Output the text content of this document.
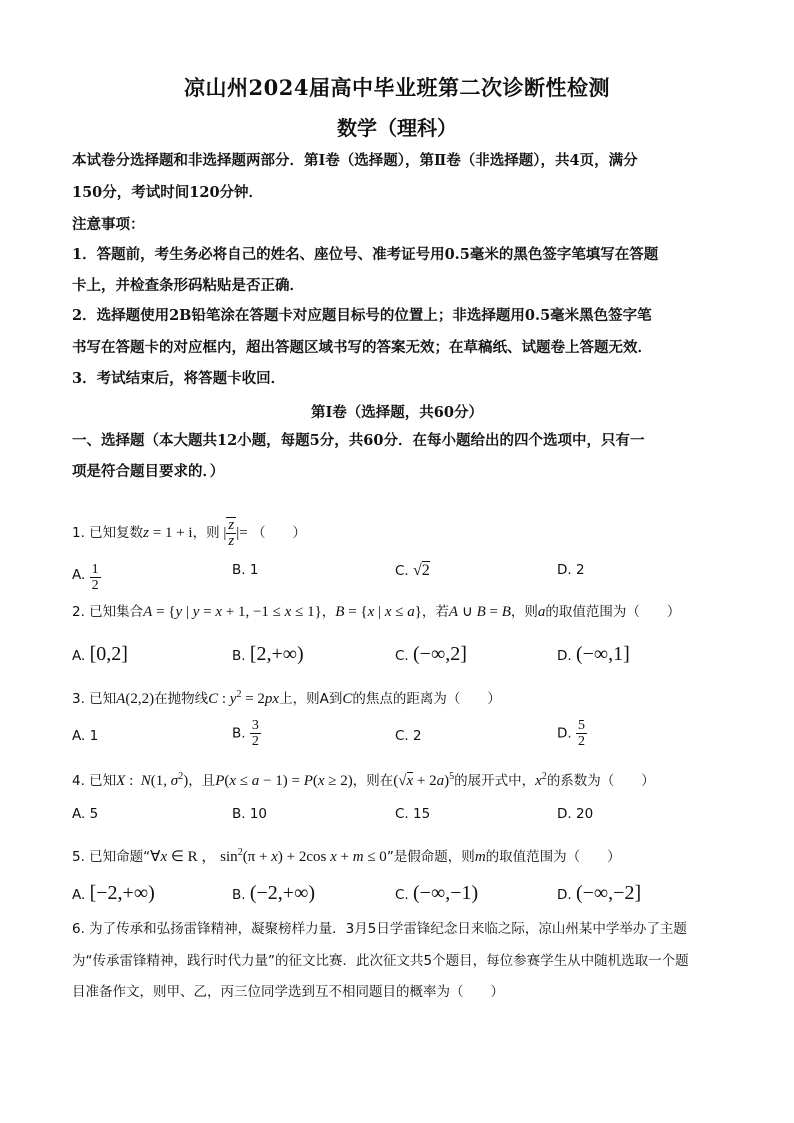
凉山州2024届高中毕业班第二次诊断性检测
数学（理科）
本试卷分选择题和非选择题两部分．第Ⅰ卷（选择题），第Ⅱ卷（非选择题），共4页，满分
150分，考试时间120分钟．
注意事项：
1．答题前，考生务必将自己的姓名、座位号、准考证号用0.5毫米的黑色签字笔填写在答题
卡上，并检查条形码粘贴是否正确．
2．选择题使用2B铅笔涂在答题卡对应题目标号的位置上；非选择题用0.5毫米黑色签字笔
书写在答题卡的对应框内，超出答题区域书写的答案无效；在草稿纸、试题卷上答题无效．
3．考试结束后，将答题卡收回．
第Ⅰ卷（选择题，共60分）
一、选择题（本大题共12小题，每题5分，共60分．在每小题给出的四个选项中，只有一
项是符合题目要求的．）
1. 已知复数z = 1 + i，则 | $\frac{z}{z}$ |= （　　）
A. $\frac{1}{2}$	B. 1	C. √2	D. 2
2. 已知集合A = {y | y = x + 1, −1 ≤ x ≤ 1}，B = {x | x ≤ a}，若A ∪ B = B，则a的取值范围为（　　）
A. [0,2]	B. [2,+∞)	C. (−∞,2]	D. (−∞,1]
3. 已知A(2,2)在抛物线C : $y^2 = 2px$上，则A到C的焦点的距离为（　　）
A. 1	B. $\frac{3}{2}$	C. 2	D. $\frac{5}{2}$
4. 已知X :  N(1, $\sigma^2$)，且P(x ≤ a − 1) = P(x ≥ 2)，则在$(√x + 2a)^5$的展开式中，$x^2$的系数为（　　）
A. 5	B. 10	C. 15	D. 20
5. 已知命题“∀x ∈ R ， $\sin^2(\pi + x) + 2\cos$ x + m ≤ 0”是假命题，则m的取值范围为（　　）
A. [−2,+∞)	B. (−2,+∞)	C. (−∞,−1)	D. (−∞,−2]
6. 为了传承和弘扬雷锋精神，凝聚榜样力量．3月5日学雷锋纪念日来临之际，凉山州某中学举办了主题
为“传承雷锋精神，践行时代力量”的征文比赛．此次征文共5个题目，每位参赛学生从中随机选取一个题
目准备作文，则甲、乙，丙三位同学选到互不相同题目的概率为（　　）
